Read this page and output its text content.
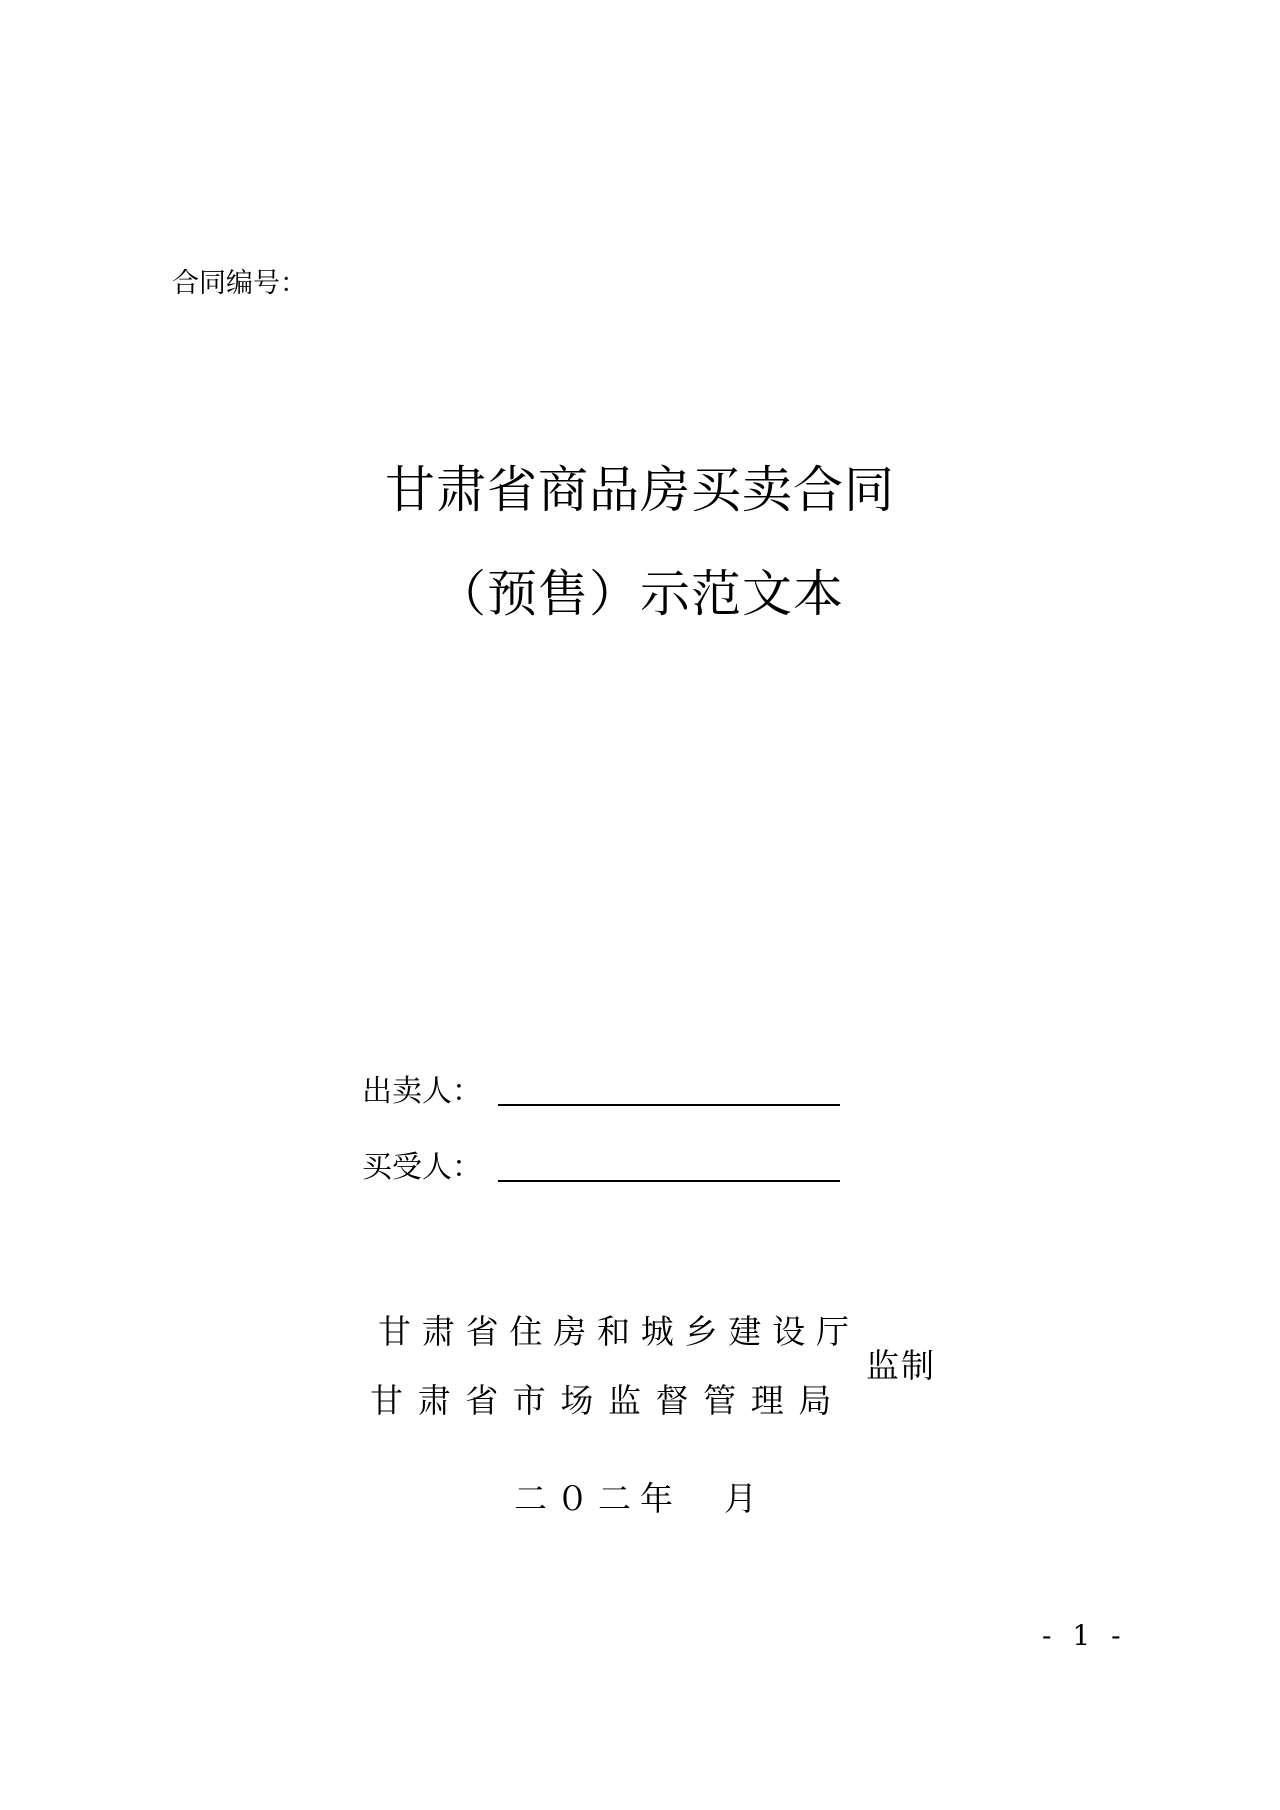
合同编号：
甘肃省商品房买卖合同
（预售）示范文本
出卖人：
买受人：
甘肃省住房和城乡建设厅
甘肃省市场监督管理局
监制
二０二年　月
- 1 -
